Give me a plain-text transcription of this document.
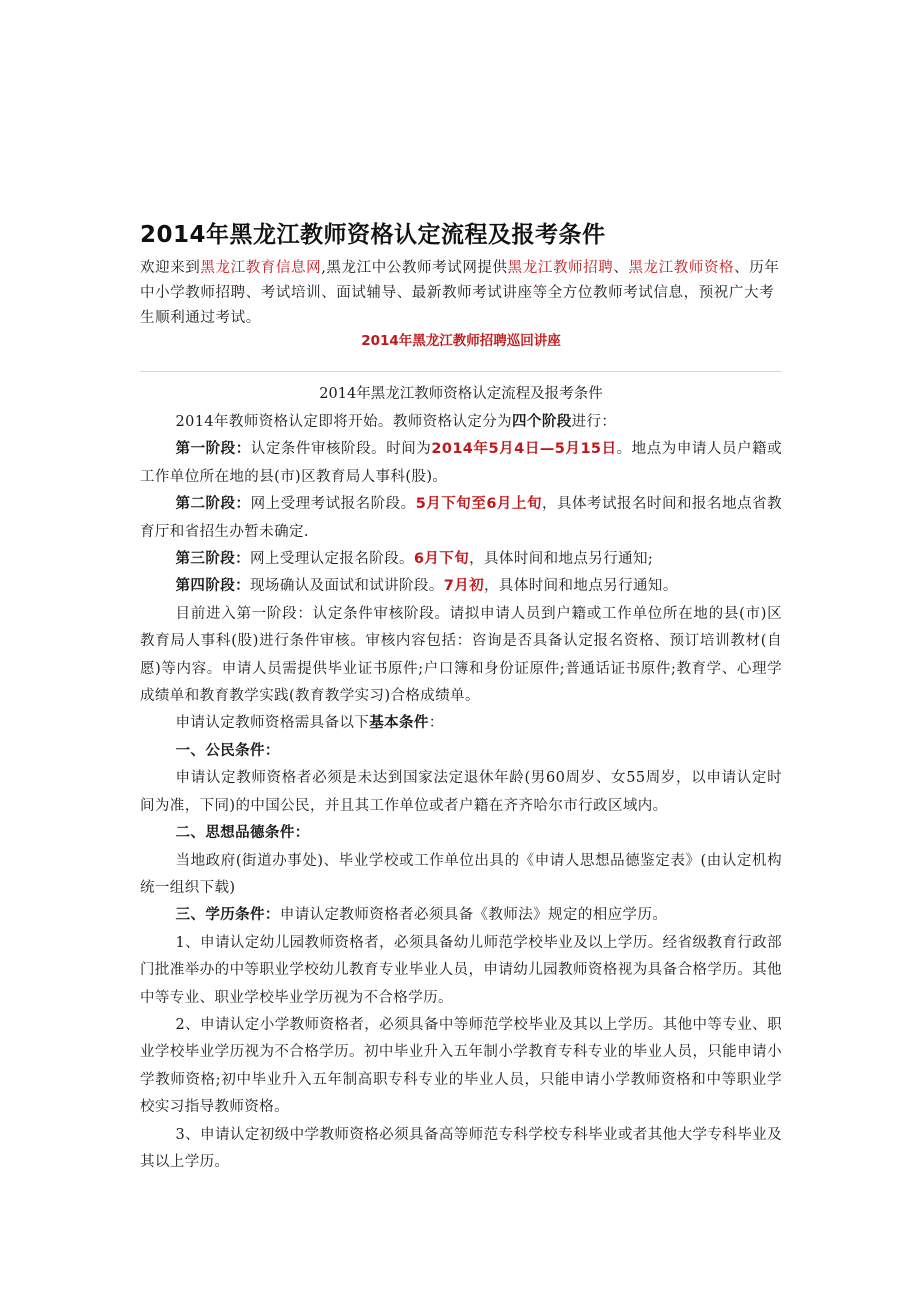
2014年黑龙江教师资格认定流程及报考条件

欢迎来到黑龙江教育信息网,黑龙江中公教师考试网提供黑龙江教师招聘、黑龙江教师资格、历年中小学教师招聘、考试培训、面试辅导、最新教师考试讲座等全方位教师考试信息，预祝广大考生顺利通过考试。

2014年黑龙江教师招聘巡回讲座

2014年黑龙江教师资格认定流程及报考条件

2014年教师资格认定即将开始。教师资格认定分为四个阶段进行：

第一阶段：认定条件审核阶段。时间为2014年5月4日—5月15日。地点为申请人员户籍或工作单位所在地的县(市)区教育局人事科(股)。

第二阶段：网上受理考试报名阶段。5月下旬至6月上旬，具体考试报名时间和报名地点省教育厅和省招生办暂未确定.

第三阶段：网上受理认定报名阶段。6月下旬，具体时间和地点另行通知;

第四阶段：现场确认及面试和试讲阶段。7月初，具体时间和地点另行通知。

目前进入第一阶段：认定条件审核阶段。请拟申请人员到户籍或工作单位所在地的县(市)区教育局人事科(股)进行条件审核。审核内容包括：咨询是否具备认定报名资格、预订培训教材(自愿)等内容。申请人员需提供毕业证书原件;户口簿和身份证原件;普通话证书原件;教育学、心理学成绩单和教育教学实践(教育教学实习)合格成绩单。

申请认定教师资格需具备以下基本条件：

一、公民条件：

申请认定教师资格者必须是未达到国家法定退休年龄(男60周岁、女55周岁，以申请认定时间为准，下同)的中国公民，并且其工作单位或者户籍在齐齐哈尔市行政区域内。

二、思想品德条件：

当地政府(街道办事处)、毕业学校或工作单位出具的《申请人思想品德鉴定表》(由认定机构统一组织下载)

三、学历条件：申请认定教师资格者必须具备《教师法》规定的相应学历。

1、申请认定幼儿园教师资格者，必须具备幼儿师范学校毕业及以上学历。经省级教育行政部门批准举办的中等职业学校幼儿教育专业毕业人员，申请幼儿园教师资格视为具备合格学历。其他中等专业、职业学校毕业学历视为不合格学历。

2、申请认定小学教师资格者，必须具备中等师范学校毕业及其以上学历。其他中等专业、职业学校毕业学历视为不合格学历。初中毕业升入五年制小学教育专科专业的毕业人员，只能申请小学教师资格;初中毕业升入五年制高职专科专业的毕业人员，只能申请小学教师资格和中等职业学校实习指导教师资格。

3、申请认定初级中学教师资格必须具备高等师范专科学校专科毕业或者其他大学专科毕业及其以上学历。
